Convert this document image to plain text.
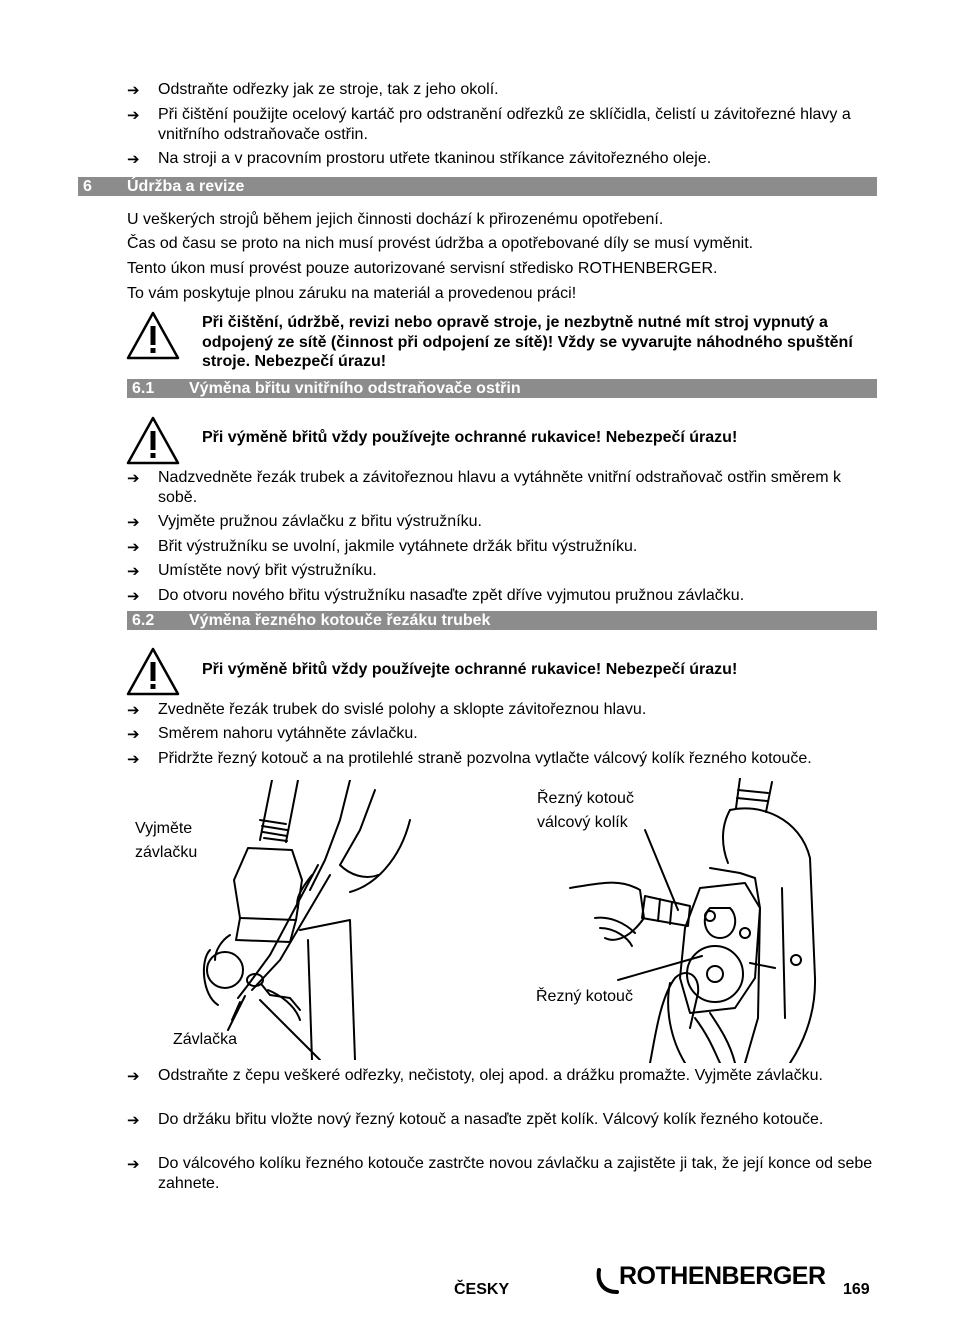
➔	Odstraňte odřezky jak ze stroje, tak z jeho okolí.
➔	Při čištění použijte ocelový kartáč pro odstranění odřezků ze sklíčidla, čelistí u závitořezné hlavy a vnitřního odstraňovače ostřin.
➔	Na stroji a v pracovním prostoru utřete tkaninou stříkance závitořezného oleje.
6 Údržba a revize
U veškerých strojů během jejich činnosti dochází k přirozenému opotřebení.
Čas od času se proto na nich musí provést údržba a opotřebované díly se musí vyměnit.
Tento úkon musí provést pouze autorizované servisní středisko ROTHENBERGER.
To vám poskytuje plnou záruku na materiál a provedenou práci!
Při čištění, údržbě, revizi nebo opravě stroje, je nezbytně nutné mít stroj vypnutý a odpojený ze sítě (činnost při odpojení ze sítě)! Vždy se vyvarujte náhodného spuštění stroje. Nebezpečí úrazu!
6.1 Výměna břitu vnitřního odstraňovače ostřin
Při výměně břitů vždy používejte ochranné rukavice! Nebezpečí úrazu!
➔	Nadzvedněte řezák trubek a závitořeznou hlavu a vytáhněte vnitřní odstraňovač ostřin směrem k sobě.
➔	Vyjměte pružnou závlačku z břitu výstružníku.
➔	Břit výstružníku se uvolní, jakmile vytáhnete držák břitu výstružníku.
➔	Umístěte nový břit výstružníku.
➔	Do otvoru nového břitu výstružníku nasaďte zpět dříve vyjmutou pružnou závlačku.
6.2 Výměna řezného kotouče řezáku trubek
Při výměně břitů vždy používejte ochranné rukavice! Nebezpečí úrazu!
➔	Zvedněte řezák trubek do svislé polohy a sklopte závitořeznou hlavu.
➔	Směrem nahoru vytáhněte závlačku.
➔	Přidržte řezný kotouč a na protilehlé straně pozvolna vytlačte válcový kolík řezného kotouče.
Vyjměte
závlačku
Závlačka
Řezný kotouč
válcový kolík
Řezný kotouč
➔	Odstraňte z čepu veškeré odřezky, nečistoty, olej apod. a drážku promažte. Vyjměte závlačku.
➔	Do držáku břitu vložte nový řezný kotouč a nasaďte zpět kolík. Válcový kolík řezného kotouče.
➔	Do válcového kolíku řezného kotouče zastrčte novou závlačku a zajistěte ji tak, že její konce od sebe zahnete.
ČESKY	ROTHENBERGER 169
